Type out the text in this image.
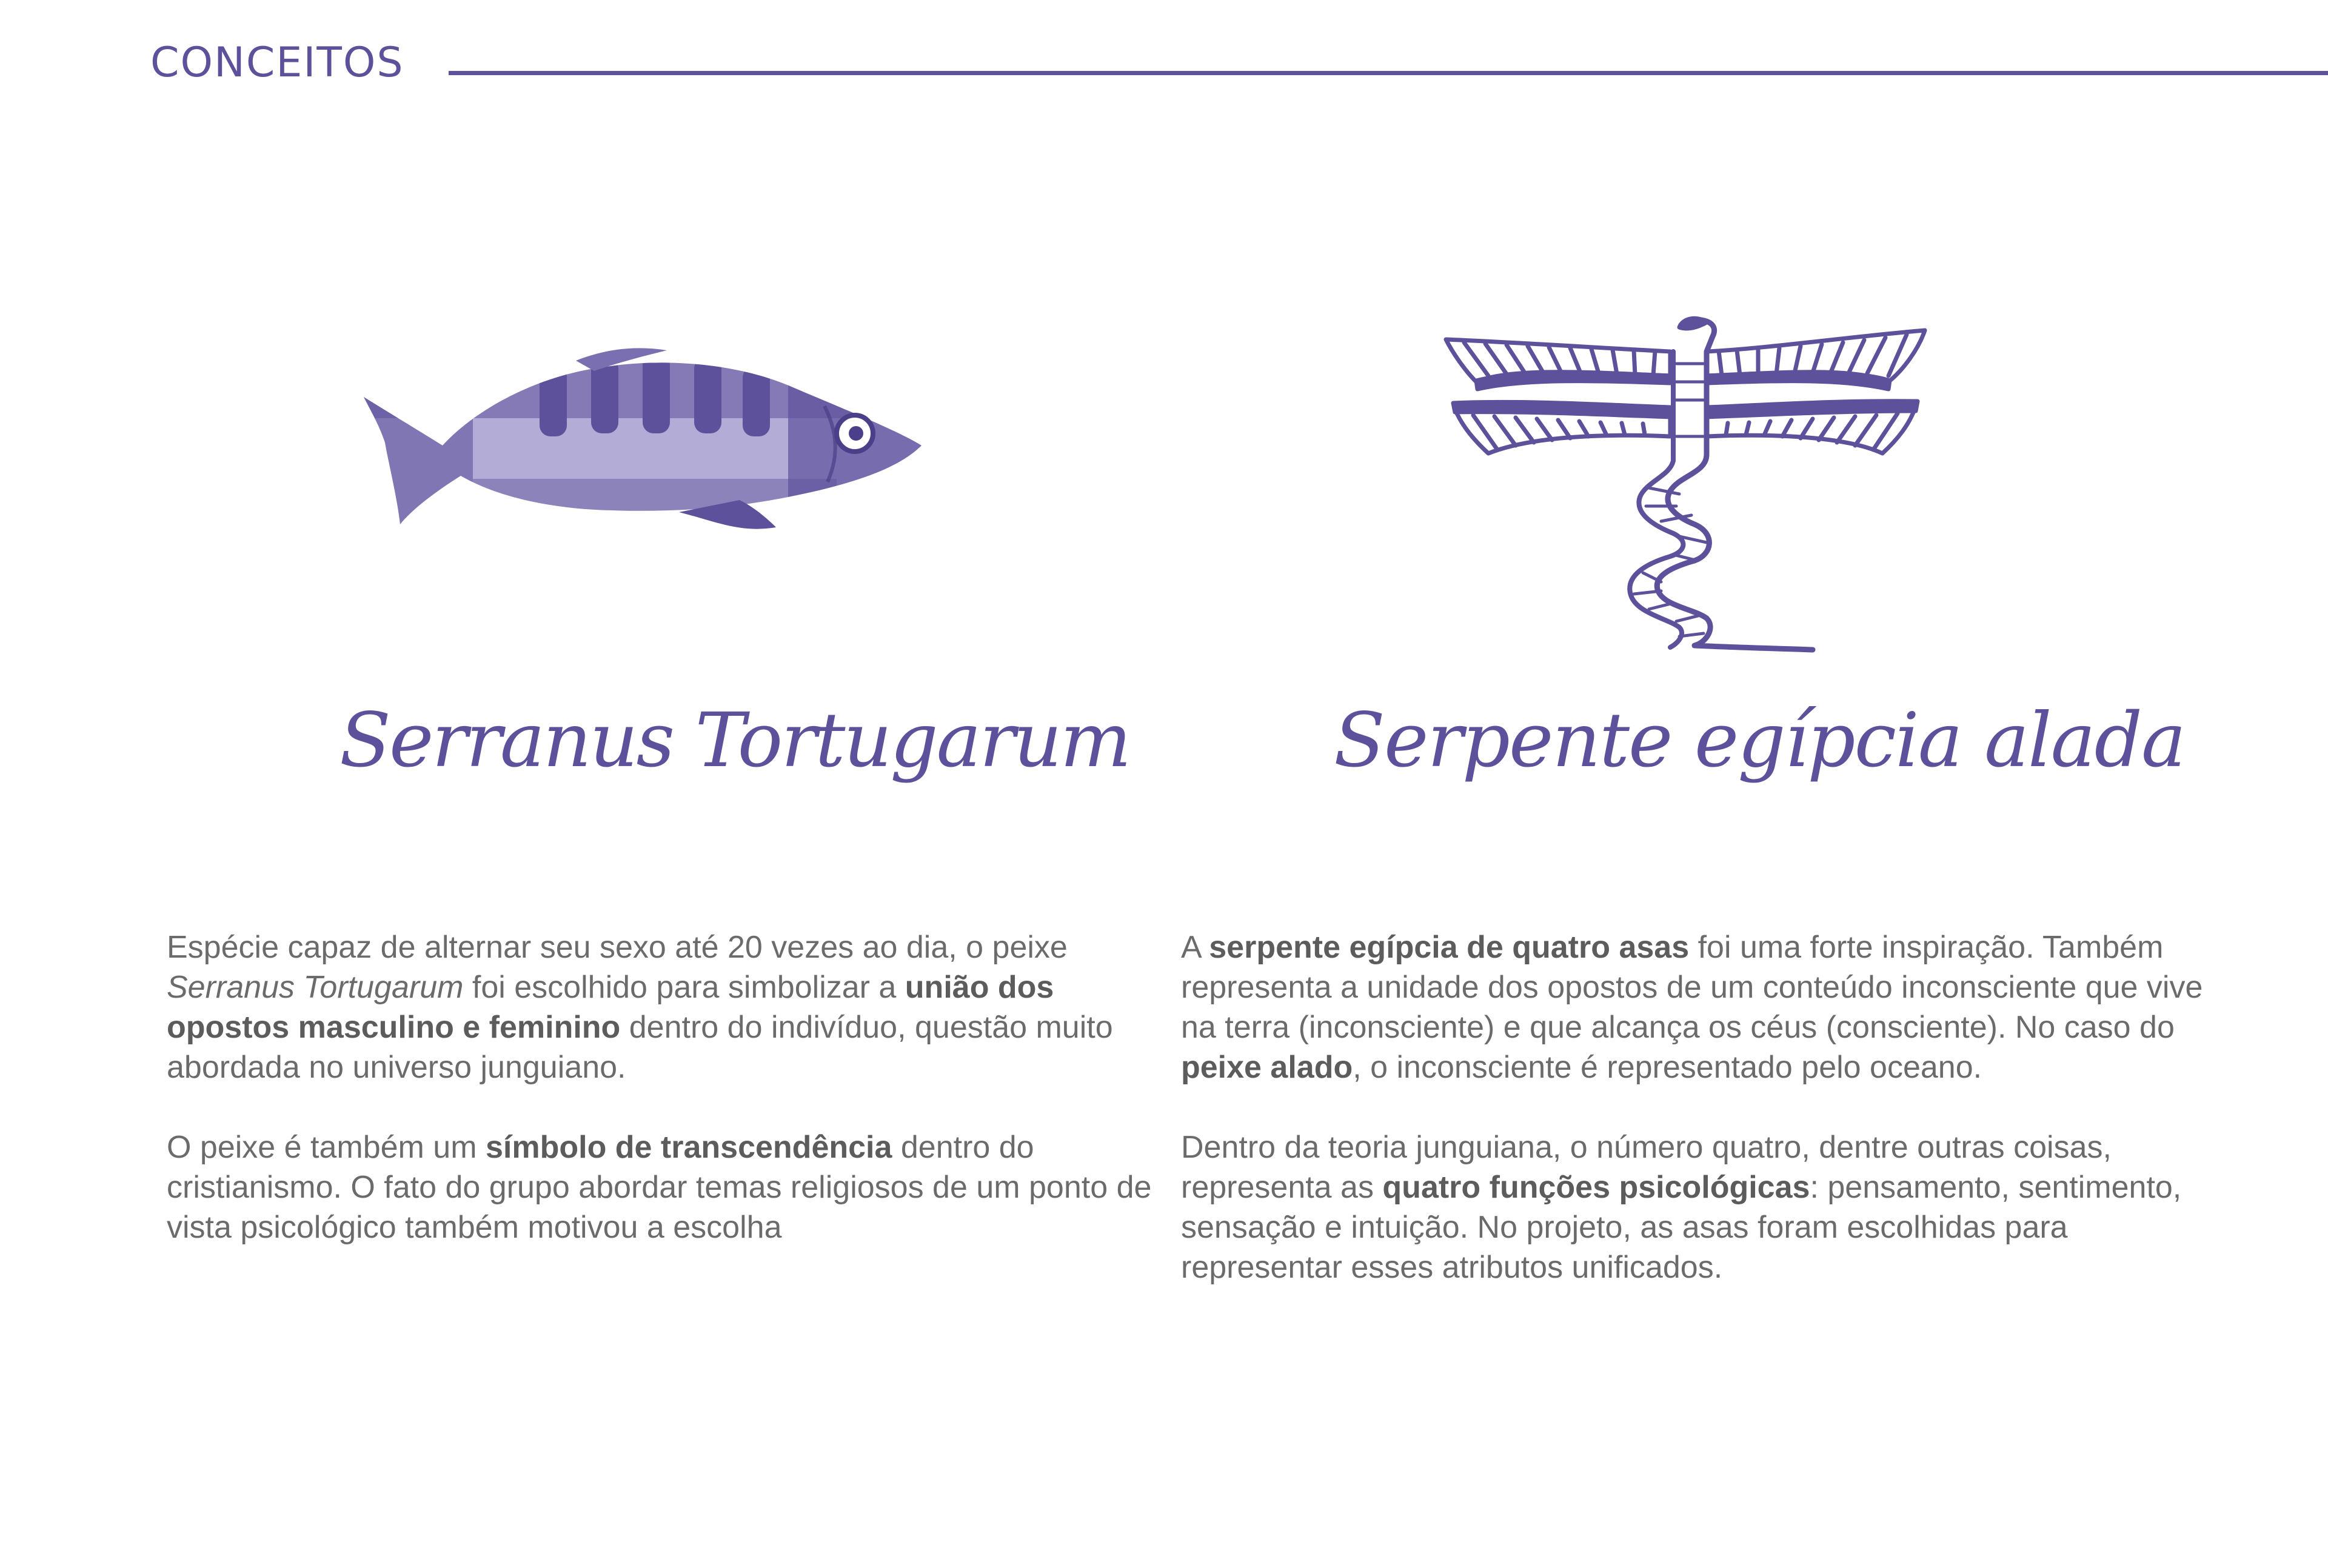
CONCEITOS
Serranus Tortugarum	Serpente egípcia alada

Espécie capaz de alternar seu sexo até 20 vezes ao dia, o peixe Serranus Tortugarum foi escolhido para simbolizar a união dos opostos masculino e feminino dentro do indivíduo, questão muito abordada no universo junguiano.

O peixe é também um símbolo de transcendência dentro do cristianismo. O fato do grupo abordar temas religiosos de um ponto de vista psicológico também motivou a escolha

A serpente egípcia de quatro asas foi uma forte inspiração. Também representa a unidade dos opostos de um conteúdo inconsciente que vive na terra (inconsciente) e que alcança os céus (consciente). No caso do peixe alado, o inconsciente é representado pelo oceano.

Dentro da teoria junguiana, o número quatro, dentre outras coisas, representa as quatro funções psicológicas: pensamento, sentimento, sensação e intuição. No projeto, as asas foram escolhidas para representar esses atributos unificados.
